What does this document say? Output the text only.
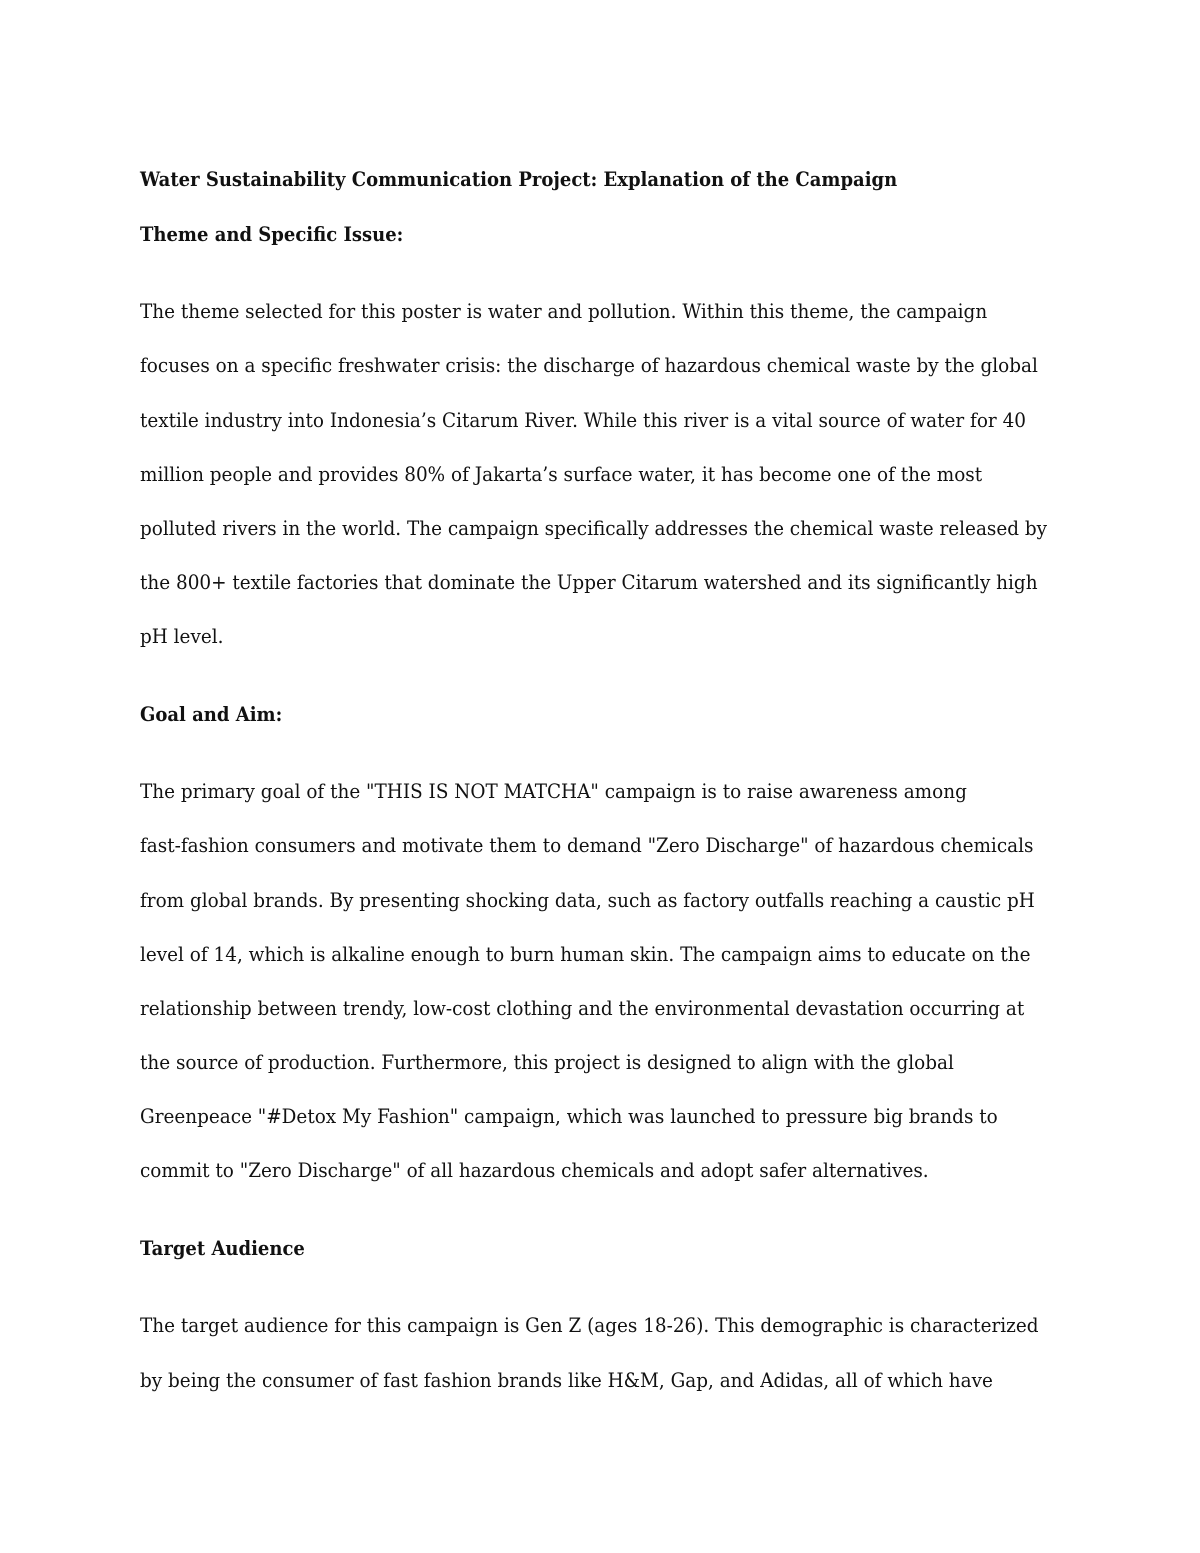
Water Sustainability Communication Project: Explanation of the Campaign
Theme and Specific Issue:
The theme selected for this poster is water and pollution. Within this theme, the campaign
focuses on a specific freshwater crisis: the discharge of hazardous chemical waste by the global
textile industry into Indonesia’s Citarum River. While this river is a vital source of water for 40
million people and provides 80% of Jakarta’s surface water, it has become one of the most
polluted rivers in the world. The campaign specifically addresses the chemical waste released by
the 800+ textile factories that dominate the Upper Citarum watershed and its significantly high
pH level.
Goal and Aim:
The primary goal of the "THIS IS NOT MATCHA" campaign is to raise awareness among
fast-fashion consumers and motivate them to demand "Zero Discharge" of hazardous chemicals
from global brands. By presenting shocking data, such as factory outfalls reaching a caustic pH
level of 14, which is alkaline enough to burn human skin. The campaign aims to educate on the
relationship between trendy, low-cost clothing and the environmental devastation occurring at
the source of production. Furthermore, this project is designed to align with the global
Greenpeace "#Detox My Fashion" campaign, which was launched to pressure big brands to
commit to "Zero Discharge" of all hazardous chemicals and adopt safer alternatives.
Target Audience
The target audience for this campaign is Gen Z (ages 18-26). This demographic is characterized
by being the consumer of fast fashion brands like H&M, Gap, and Adidas, all of which have
